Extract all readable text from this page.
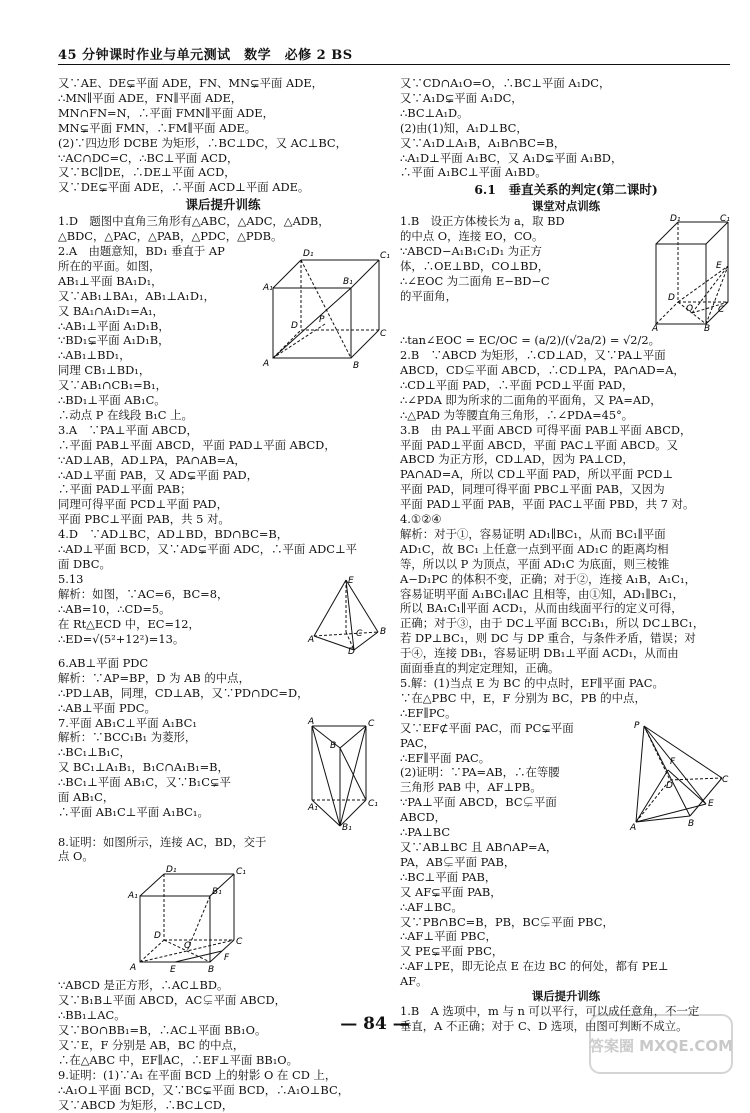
45 分钟课时作业与单元测试　数学　必修 2 BS

又∵AE、DE⊊平面 ADE，FN、MN⊊平面 ADE，

∴MN∥平面 ADE，FN∥平面 ADE，

MN∩FN=N，∴平面 FMN∥平面 ADE，

MN⊊平面 FMN，∴FM∥平面 ADE。

(2)∵四边形 DCBE 为矩形，∴BC⊥DC，又 AC⊥BC，

∵AC∩DC=C，∴BC⊥平面 ACD，

又∵BC∥DE，∴DE⊥平面 ACD，

又∵DE⊊平面 ADE，∴平面 ACD⊥平面 ADE。

课后提升训练

1.D　题图中直角三角形有△ABC，△ADC，△ADB，

△BDC，△PAC，△PAB，△PDC，△PDB。

2.A　由题意知，BD₁ 垂直于 AP

所在的平面。如图，

AB₁⊥平面 BA₁D₁，

又∵AB₁⊥BA₁，AB₁⊥A₁D₁，

又 BA₁∩A₁D₁=A₁，

∴AB₁⊥平面 A₁D₁B，

∵BD₁⊊平面 A₁D₁B，

∴AB₁⊥BD₁，

同理 CB₁⊥BD₁，

又∵AB₁∩CB₁=B₁，

∴BD₁⊥平面 AB₁C。

∴动点 P 在线段 B₁C 上。

D₁	C₁
A₁
B₁
D
C
P
A	B

3.A　∵PA⊥平面 ABCD，

∴平面 PAB⊥平面 ABCD，平面 PAD⊥平面 ABCD，

∵AD⊥AB，AD⊥PA，PA∩AB=A，

∴AD⊥平面 PAB，又 AD⊊平面 PAD，

∴平面 PAD⊥平面 PAB；

同理可得平面 PCD⊥平面 PAD，

平面 PBC⊥平面 PAB，共 5 对。

4.D　∵AD⊥BC，AD⊥BD，BD∩BC=B，

∴AD⊥平面 BCD，又∵AD⊊平面 ADC，∴平面 ADC⊥平

面 DBC。

5.13

解析：如图，∵AC=6，BC=8，

∴AB=10，∴CD=5。

在 Rt△ECD 中，EC=12，

∴ED=√(5²+12²)=13。

E
A
B
C
D

6.AB⊥平面 PDC

解析：∵AP=BP，D 为 AB 的中点，

∴PD⊥AB，同理，CD⊥AB，又∵PD∩DC=D，

∴AB⊥平面 PDC。

7.平面 AB₁C⊥平面 A₁BC₁

解析：∵BCC₁B₁ 为菱形，

∴BC₁⊥B₁C，

又 BC₁⊥A₁B₁，B₁C∩A₁B₁=B，

∴BC₁⊥平面 AB₁C，又∵B₁C⊊平

面 AB₁C，

∴平面 AB₁C⊥平面 A₁BC₁。

A	C
B
A₁	C₁
B₁

8.证明：如图所示，连接 AC，BD，交于

点 O。

D₁	C₁
A₁	B₁
D
C
O
A	E	B
F

∵ABCD 是正方形，∴AC⊥BD。

又∵B₁B⊥平面 ABCD，AC⊊平面 ABCD，

∴BB₁⊥AC。

又∵BO∩BB₁=B，∴AC⊥平面 BB₁O。

又∵E，F 分别是 AB，BC 的中点，

∴在△ABC 中，EF∥AC，∴EF⊥平面 BB₁O。

9.证明：(1)∵A₁ 在平面 BCD 上的射影 O 在 CD 上，

∴A₁O⊥平面 BCD，又∵BC⊊平面 BCD，∴A₁O⊥BC，

又∵ABCD 为矩形，∴BC⊥CD，

又∵CD∩A₁O=O，∴BC⊥平面 A₁DC，

又∵A₁D⊊平面 A₁DC，

∴BC⊥A₁D。

(2)由(1)知，A₁D⊥BC，

又∵A₁D⊥A₁B，A₁B∩BC=B，

∴A₁D⊥平面 A₁BC，又 A₁D⊊平面 A₁BD，

∴平面 A₁BC⊥平面 A₁BD。

6.1　垂直关系的判定(第二课时)

课堂对点训练

1.B　设正方体棱长为 a，取 BD

的中点 O，连接 EO，CO。

∵ABCD−A₁B₁C₁D₁ 为正方

体，∴OE⊥BD，CO⊥BD，

∴∠EOC 为二面角 E−BD−C

的平面角，

D₁	C₁
E
D
O	C
A	B

∴tan∠EOC = EC/OC = (a/2)/(√2a/2) = √2/2。

2.B　∵ABCD 为矩形，∴CD⊥AD，又∵PA⊥平面

ABCD，CD⊊平面 ABCD，∴CD⊥PA，PA∩AD=A，

∴CD⊥平面 PAD，∴平面 PCD⊥平面 PAD，

∴∠PDA 即为所求的二面角的平面角，又 PA=AD，

∴△PAD 为等腰直角三角形，∴∠PDA=45°。

3.B　由 PA⊥平面 ABCD 可得平面 PAB⊥平面 ABCD，

平面 PAD⊥平面 ABCD，平面 PAC⊥平面 ABCD。又

ABCD 为正方形，CD⊥AD，因为 PA⊥CD，

PA∩AD=A，所以 CD⊥平面 PAD，所以平面 PCD⊥

平面 PAD，同理可得平面 PBC⊥平面 PAB，又因为

平面 PAD⊥平面 PAB，平面 PAC⊥平面 PBD，共 7 对。

4.①②④

解析：对于①，容易证明 AD₁∥BC₁，从而 BC₁∥平面

AD₁C，故 BC₁ 上任意一点到平面 AD₁C 的距离均相

等，所以以 P 为顶点，平面 AD₁C 为底面，则三棱锥

A−D₁PC 的体积不变，正确；对于②，连接 A₁B，A₁C₁，

容易证明平面 A₁BC₁∥AC 且相等，由①知，AD₁∥BC₁，

所以 BA₁C₁∥平面 ACD₁，从而由线面平行的定义可得，

正确；对于③，由于 DC⊥平面 BCC₁B₁，所以 DC⊥BC₁，

若 DP⊥BC₁，则 DC 与 DP 重合，与条件矛盾，错误；对

于④，连接 DB₁，容易证明 DB₁⊥平面 ACD₁，从而由

面面垂直的判定定理知，正确。

5.解：(1)当点 E 为 BC 的中点时，EF∥平面 PAC。

∵在△PBC 中，E，F 分别为 BC，PB 的中点，

∴EF∥PC。

又∵EF⊄平面 PAC，而 PC⊊平面

PAC，

∴EF∥平面 PAC。

(2)证明：∵PA=AB，∴在等腰

三角形 PAB 中，AF⊥PB。

∵PA⊥平面 ABCD，BC⊊平面

ABCD，

∴PA⊥BC

又∵AB⊥BC 且 AB∩AP=A，

PA，AB⊊平面 PAB，

∴BC⊥平面 PAB，

又 AF⊊平面 PAB，

∴AF⊥BC。

又∵PB∩BC=B，PB，BC⊊平面 PBC，

∴AF⊥平面 PBC，

又 PE⊊平面 PBC，

∴AF⊥PE，即无论点 E 在边 BC 的何处，都有 PE⊥

AF。

P
F
D
C
E
A	B

课后提升训练

1.B　A 选项中，m 与 n 可以平行，可以成任意角，不一定

垂直，A 不正确；对于 C、D 选项，由图可判断不成立。

— 84 —
答案圈 MXQE.COM
